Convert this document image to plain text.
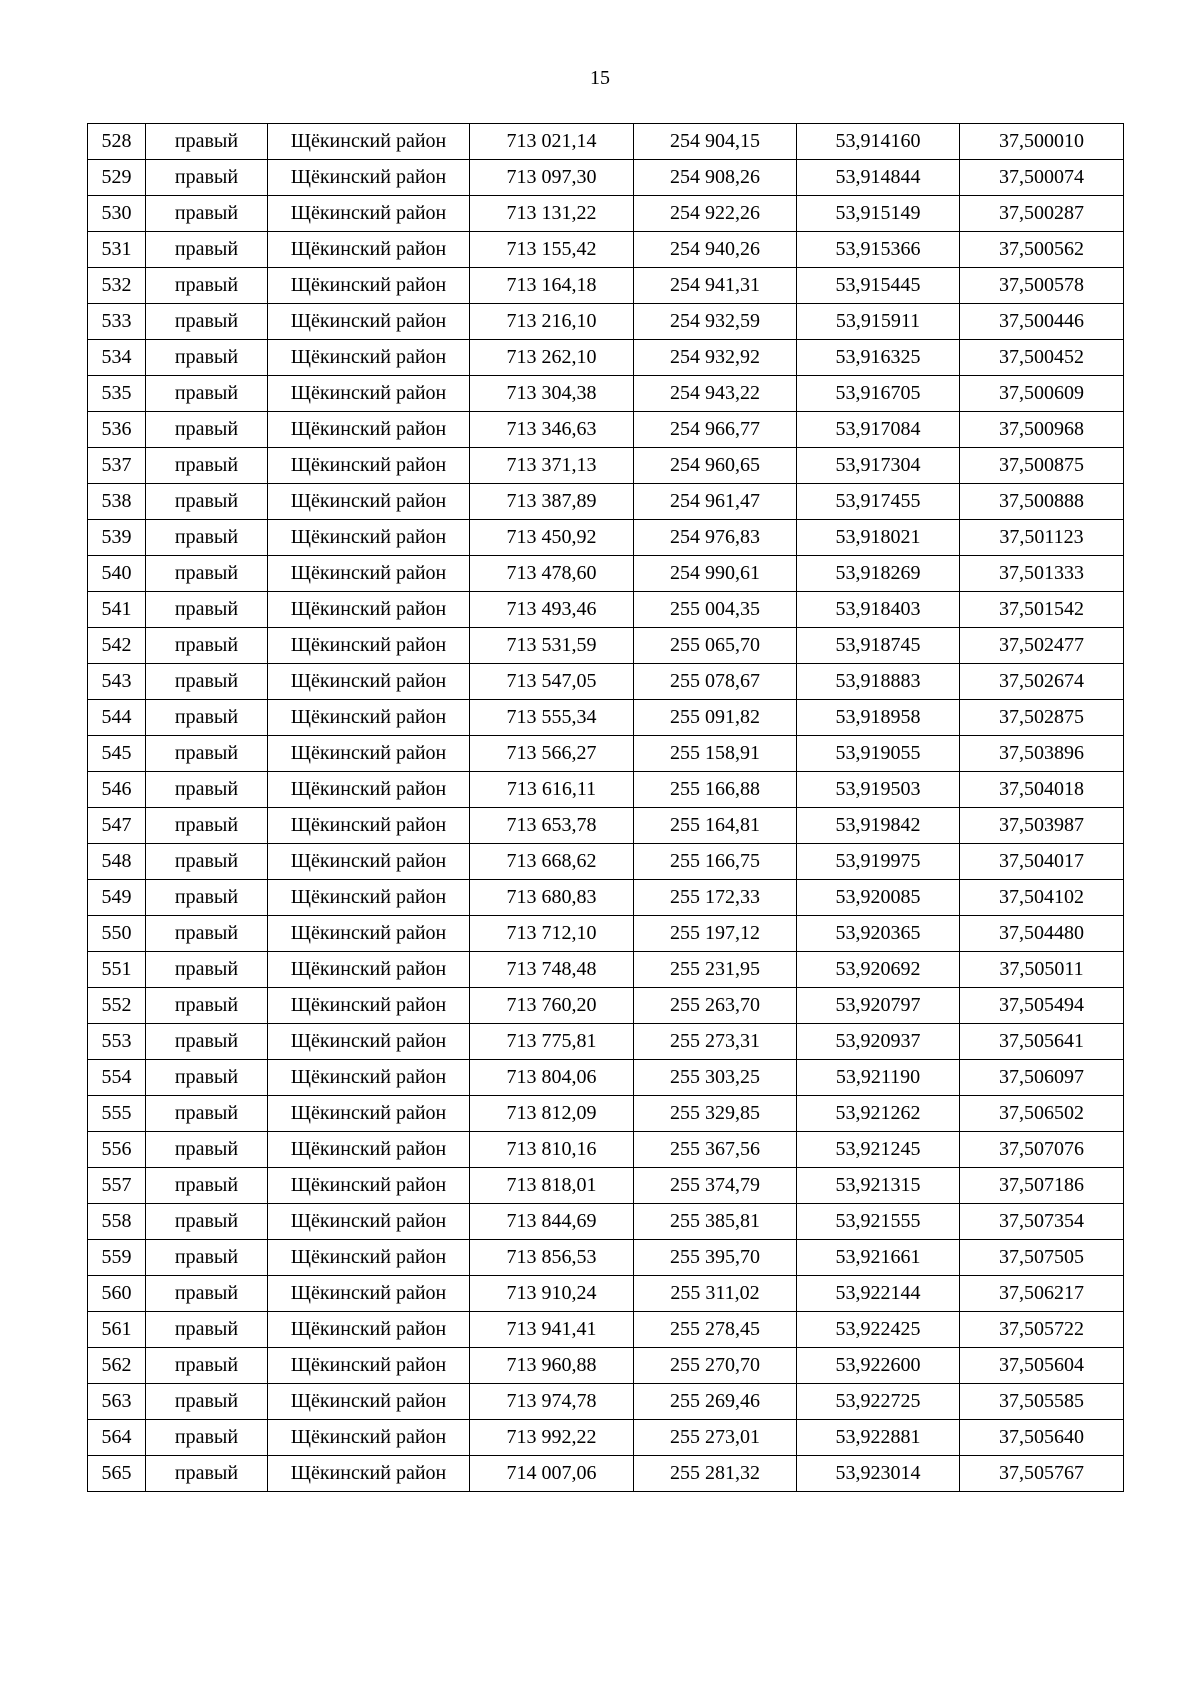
15
528	правый	Щёкинский район	713 021,14	254 904,15	53,914160	37,500010
529	правый	Щёкинский район	713 097,30	254 908,26	53,914844	37,500074
530	правый	Щёкинский район	713 131,22	254 922,26	53,915149	37,500287
531	правый	Щёкинский район	713 155,42	254 940,26	53,915366	37,500562
532	правый	Щёкинский район	713 164,18	254 941,31	53,915445	37,500578
533	правый	Щёкинский район	713 216,10	254 932,59	53,915911	37,500446
534	правый	Щёкинский район	713 262,10	254 932,92	53,916325	37,500452
535	правый	Щёкинский район	713 304,38	254 943,22	53,916705	37,500609
536	правый	Щёкинский район	713 346,63	254 966,77	53,917084	37,500968
537	правый	Щёкинский район	713 371,13	254 960,65	53,917304	37,500875
538	правый	Щёкинский район	713 387,89	254 961,47	53,917455	37,500888
539	правый	Щёкинский район	713 450,92	254 976,83	53,918021	37,501123
540	правый	Щёкинский район	713 478,60	254 990,61	53,918269	37,501333
541	правый	Щёкинский район	713 493,46	255 004,35	53,918403	37,501542
542	правый	Щёкинский район	713 531,59	255 065,70	53,918745	37,502477
543	правый	Щёкинский район	713 547,05	255 078,67	53,918883	37,502674
544	правый	Щёкинский район	713 555,34	255 091,82	53,918958	37,502875
545	правый	Щёкинский район	713 566,27	255 158,91	53,919055	37,503896
546	правый	Щёкинский район	713 616,11	255 166,88	53,919503	37,504018
547	правый	Щёкинский район	713 653,78	255 164,81	53,919842	37,503987
548	правый	Щёкинский район	713 668,62	255 166,75	53,919975	37,504017
549	правый	Щёкинский район	713 680,83	255 172,33	53,920085	37,504102
550	правый	Щёкинский район	713 712,10	255 197,12	53,920365	37,504480
551	правый	Щёкинский район	713 748,48	255 231,95	53,920692	37,505011
552	правый	Щёкинский район	713 760,20	255 263,70	53,920797	37,505494
553	правый	Щёкинский район	713 775,81	255 273,31	53,920937	37,505641
554	правый	Щёкинский район	713 804,06	255 303,25	53,921190	37,506097
555	правый	Щёкинский район	713 812,09	255 329,85	53,921262	37,506502
556	правый	Щёкинский район	713 810,16	255 367,56	53,921245	37,507076
557	правый	Щёкинский район	713 818,01	255 374,79	53,921315	37,507186
558	правый	Щёкинский район	713 844,69	255 385,81	53,921555	37,507354
559	правый	Щёкинский район	713 856,53	255 395,70	53,921661	37,507505
560	правый	Щёкинский район	713 910,24	255 311,02	53,922144	37,506217
561	правый	Щёкинский район	713 941,41	255 278,45	53,922425	37,505722
562	правый	Щёкинский район	713 960,88	255 270,70	53,922600	37,505604
563	правый	Щёкинский район	713 974,78	255 269,46	53,922725	37,505585
564	правый	Щёкинский район	713 992,22	255 273,01	53,922881	37,505640
565	правый	Щёкинский район	714 007,06	255 281,32	53,923014	37,505767
